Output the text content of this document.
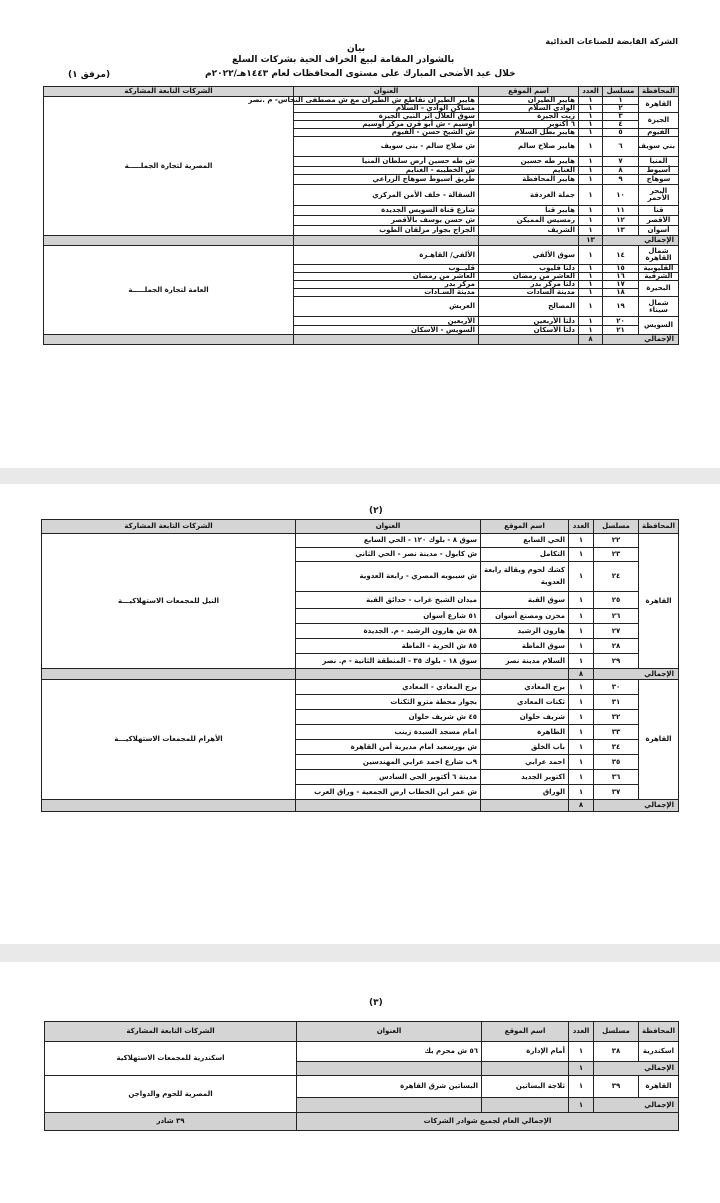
الشركة القابضة للصناعات الغذائية
بيان
بالشوادر المقامة لبيع الخراف الحية بشركات السلع
خلال عيد الأضحى المبارك على مستوى المحافظات لعام ١٤٤٣هـ/٢٠٢٢م
(مرفق ١)
المحافظة	مسلسل	العدد	اسم الموقع	العنوان	الشركات التابعة المشاركة
القاهرة	١	١	هايبر الطيران	هايبر الطيران تقاطع ش الطيران مع ش مصطفى النحاس- م .نصر	المصرية لتجارة الجملـــــة
	٢	١	الوادي السلام	مساكن الوادي - السلام	
الجيزة	٣	١	زيت الجيزة	سوق الغلال اثر النبي الجيزة	
	٤	١	٦ أكتوبر	اوسيم - ش أبو قرن مركز اوسيم	
الفيوم	٥	١	هايبر بطل السلام	ش الشيخ حسن - الفيوم	
بني سويف	٦	١	هايبر صلاح سالم	ش صلاح سالم - بنى سويف	
المنيا	٧	١	هايبر طه حسين	ش طه حسين أرض سلطان المنيا	
أسيوط	٨	١	الغنايم	ش الخطيبه - الغنايم	
سوهاج	٩	١	هايبر المحافظة	طريق أسيوط سوهاج الزراعي	
البحر الأحمر	١٠	١	جملة الغردقة	السقالة - خلف الأمن المركزي	
قنا	١١	١	هايبر قنا	شارع قناة السويس الجديدة	
الأقصر	١٢	١	رمسيس المميكن	ش حسن يوسف بالأقصر	
أسوان	١٣	١	الشريف	الجراج بجوار مزلقان الطوب	
الإجمالي		١٣			
شمال القاهرة	١٤	١	سوق الألفي	الألفي/ القاهـرة	العامة لتجارة الجملـــــة
القليوبية	١٥	١	دلتا قليوب	قليــوب	
الشرقية	١٦	١	العاشر من رمضان	العاشر من رمضان	
البحيرة	١٧	١	دلتا مركز بدر	مركز بدر	
	١٨	١	مدينة السادات	مدينة السـادات	
شمال سيناء	١٩	١	المصالح	العريش	
السويس	٢٠	١	دلتا الأربعين	الأربعين	
	٢١	١	دلتا الأسكان	السويس - الأسكان	
الإجمالي		٨			
(٢)
المحافظة	مسلسل	العدد	اسم الموقع	العنوان	الشركات التابعة المشاركة
القاهرة	٢٢	١	الحي السابع	سوق ٨ - بلوك ١٢٠ - الحي السابع	النيل للمجمعات الاستهلاكيـــة
	٢٣	١	التكامل	ش كابول - مدينة نصر - الحي الثاني	
	٢٤	١	كشك لحوم وبقالة رابعة العدوية	ش سيبويه المصري - رابعة العدوية	
	٢٥	١	سوق القبة	ميدان الشيخ غراب - حدائق القبة	
	٢٦	١	مخزن ومصنع أسوان	٥١ شارع أسوان	
	٢٧	١	هارون الرشيد	٥٨ ش هارون الرشيد - م. الجديدة	
	٢٨	١	سوق الماظة	٨٥ ش الحرية - الماظة	
	٢٩	١	السلام مدينة نصر	سوق ١٨ - بلوك ٣٥ - المنطقة الثانية - م. نصر	
الإجمالي		٨			
القاهرة	٣٠	١	برج المعادي	برج المعادي - المعادي	الأهرام للمجمعات الاستهلاكيـــة
	٣١	١	ثكنات المعادي	بجوار محطة مترو الثكنات	
	٣٢	١	شريف حلوان	٤٥ ش شريف حلوان	
	٣٣	١	الطاهرة	امام مسجد السيدة زينب	
	٣٤	١	باب الخلق	ش بورسعيد امام مديرية أمن القاهرة	
	٣٥	١	احمد عرابي	٩ب شارع احمد عرابي المهندسين	
	٣٦	١	اكتوبر الجديد	مدينة ٦ أكتوبر الحي السادس	
	٣٧	١	الوراق	ش عمر ابن الخطاب ارض الجمعية - وراق العرب	
الإجمالي		٨			
(٣)
المحافظة	مسلسل	العدد	اسم الموقع	العنوان	الشركات التابعة المشاركة
اسكندرية	٣٨	١	أمام الإدارة	٥٦ ش محرم بك	اسكندرية للمجمعات الاستهلاكية
الإجمالي		١			
القاهرة	٣٩	١	ثلاجة البساتين	البساتين شرق القاهرة	المصرية للحوم والدواجن
الإجمالي		١			
الإجمالي العام لجميع شوادر الشركات					٣٩ شادر
